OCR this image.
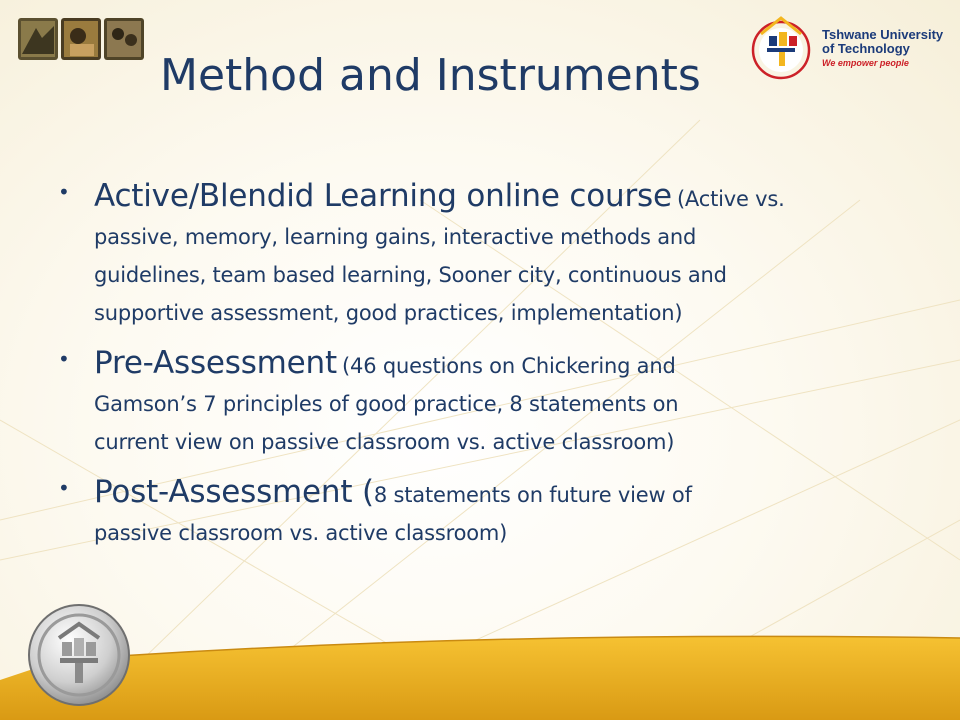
Method and Instruments

Tshwane University

of Technology

We empower people

• Active/Blendid Learning online course (Active vs.
passive, memory, learning gains, interactive methods and
guidelines, team based learning, Sooner city, continuous and
supportive assessment, good practices, implementation)
• Pre-Assessment (46 questions on Chickering and
Gamson’s 7 principles of good practice, 8 statements on
current view on passive classroom vs. active classroom)
• Post-Assessment (8 statements on future view of
passive classroom vs. active classroom)
